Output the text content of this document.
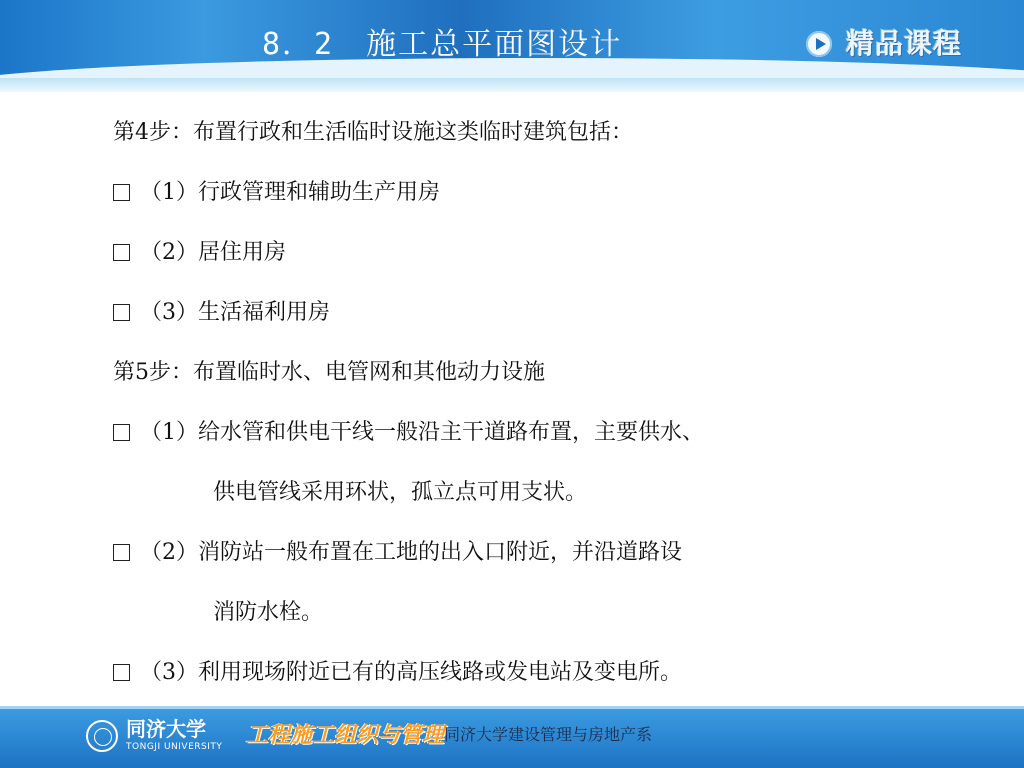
8．2　施工总平面图设计	精品课程
第4步：布置行政和生活临时设施这类临时建筑包括：
（1）行政管理和辅助生产用房
（2）居住用房
（3）生活福利用房
第5步：布置临时水、电管网和其他动力设施
（1）给水管和供电干线一般沿主干道路布置，主要供水、
供电管线采用环状，孤立点可用支状。
（2）消防站一般布置在工地的出入口附近，并沿道路设
消防水栓。
（3）利用现场附近已有的高压线路或发电站及变电所。
同济大学
TONGJI UNIVERSITY 工程施工组织与管理 同济大学建设管理与房地产系
